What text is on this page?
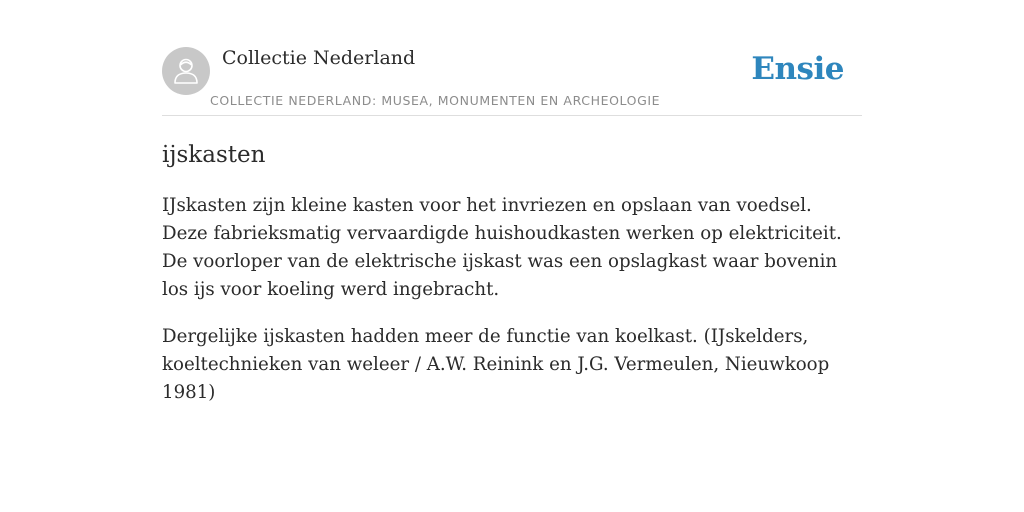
Collectie Nederland
COLLECTIE NEDERLAND: MUSEA, MONUMENTEN EN ARCHEOLOGIE
Ensie
ijskasten

IJskasten zijn kleine kasten voor het invriezen en opslaan van voedsel. Deze fabrieksmatig vervaardigde huishoudkasten werken op elektriciteit. De voorloper van de elektrische ijskast was een opslagkast waar bovenin los ijs voor koeling werd ingebracht.

Dergelijke ijskasten hadden meer de functie van koelkast. (IJskelders, koeltechnieken van weleer / A.W. Reinink en J.G. Vermeulen, Nieuwkoop 1981)
